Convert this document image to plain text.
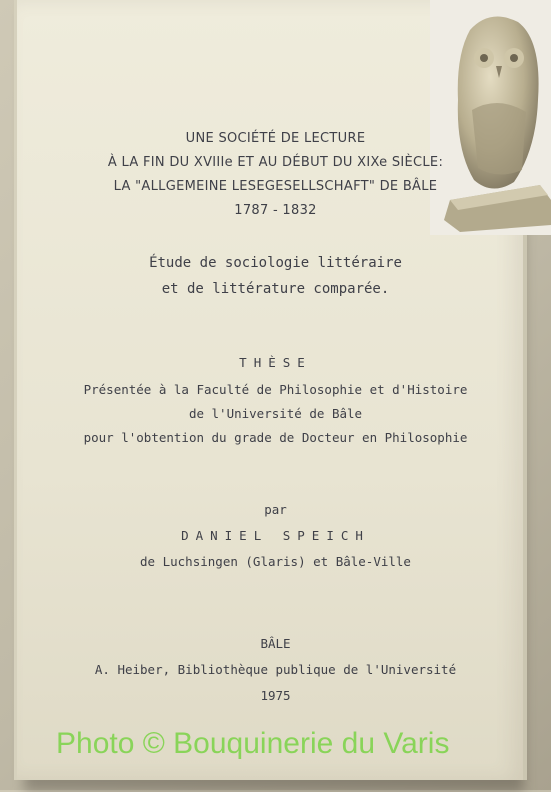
UNE SOCIÉTÉ DE LECTURE
À LA FIN DU XVIIIe ET AU DÉBUT DU XIXe SIÈCLE:
LA "ALLGEMEINE LESEGESELLSCHAFT" DE BÂLE
1787 - 1832
Étude de sociologie littéraire
et de littérature comparée.
THÈSE
Présentée à la Faculté de Philosophie et d'Histoire
de l'Université de Bâle
pour l'obtention du grade de Docteur en Philosophie
par
DANIEL SPEICH
de Luchsingen (Glaris) et Bâle-Ville
BÂLE
A. Heiber, Bibliothèque publique de l'Université
1975
Photo © Bouquinerie du Varis
